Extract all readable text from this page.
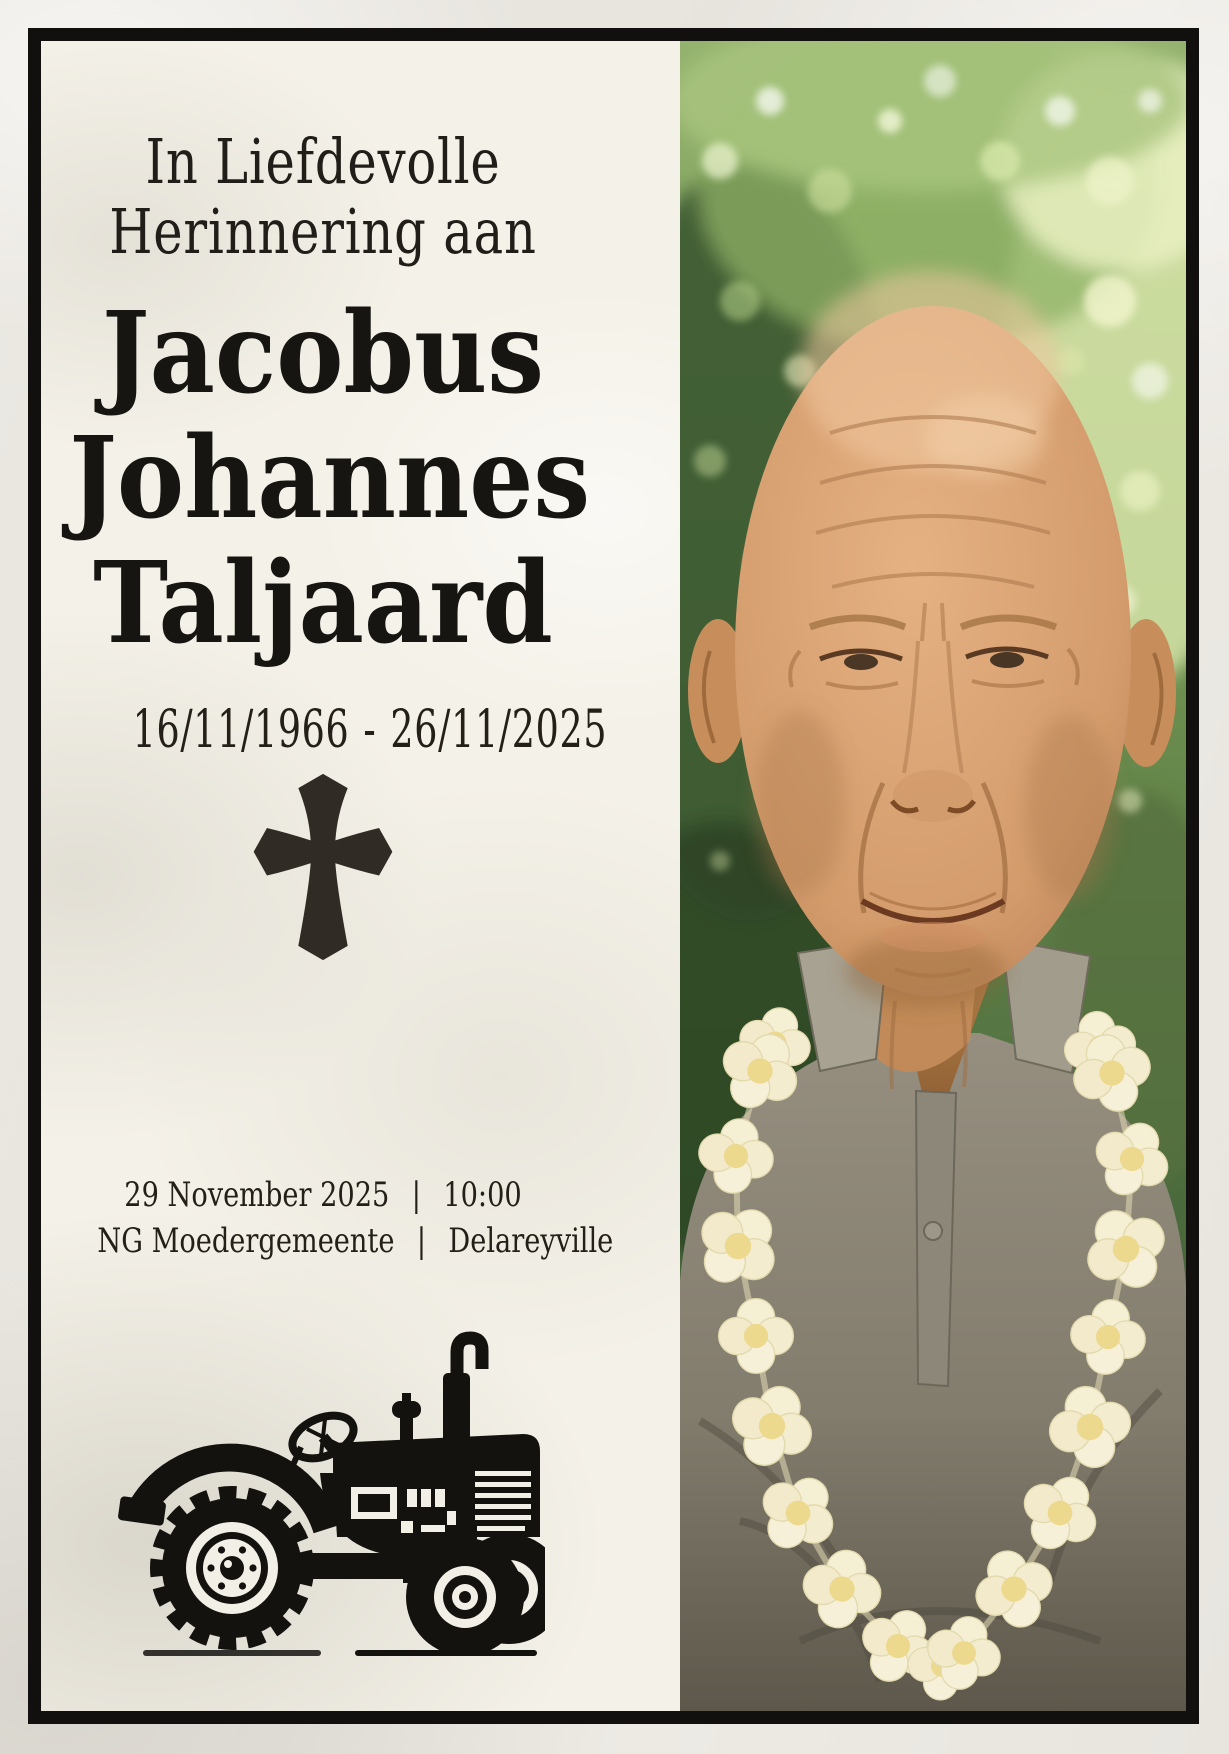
In Liefdevolle
Herinnering aan
Jacobus
Johannes
Taljaard
16/11/1966 - 26/11/2025
29 November 2025 | 10:00
NG Moedergemeente | Delareyville
